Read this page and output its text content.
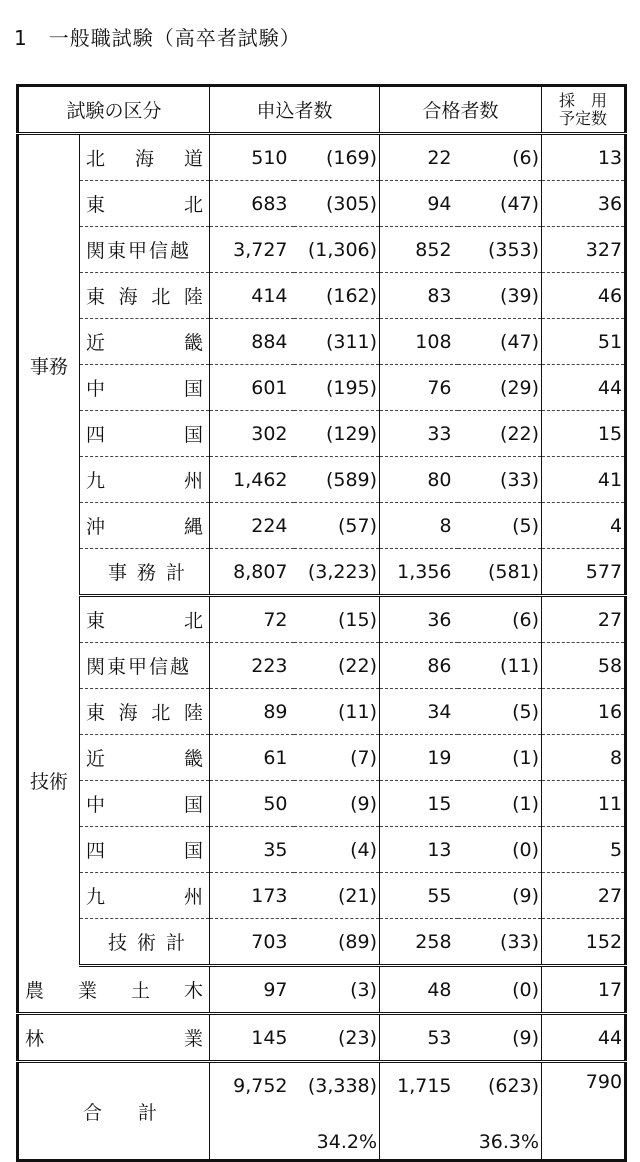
1　一般職試験（高卒者試験）
試験の区分		申込者数		合格者数		採　用
予定数

事務	北 海 道	510	(169)	22	(6)	13

	東 北	683	(305)	94	(47)	36
	関東甲信越	3,727	(1,306)	852	(353)	327

	東 海 北 陸	414	(162)	83	(39)	46

	近 畿	884	(311)	108	(47)	51

	中 国	601	(195)	76	(29)	44

	四 国	302	(129)	33	(22)	15

	九 州	1,462	(589)	80	(33)	41

	沖 縄	224	(57)	8	(5)	4
	事 務 計	8,807	(3,223)	1,356	(581)	577
技術	東 北	72	(15)	36	(6)	27
	関東甲信越	223	(22)	86	(11)	58

	東 海 北 陸	89	(11)	34	(5)	16

	近 畿	61	(7)	19	(1)	8

	中 国	50	(9)	15	(1)	11

	四 国	35	(4)	13	(0)	5

	九 州	173	(21)	55	(9)	27
	技 術 計	703	(89)	258	(33)	152

農 業 土 木		97	(3)	48	(0)	17

林 業		145	(23)	53	(9)	44

合 計		9,752	(3,338)	1,715	(623)	790
			34.2%		36.3%	
